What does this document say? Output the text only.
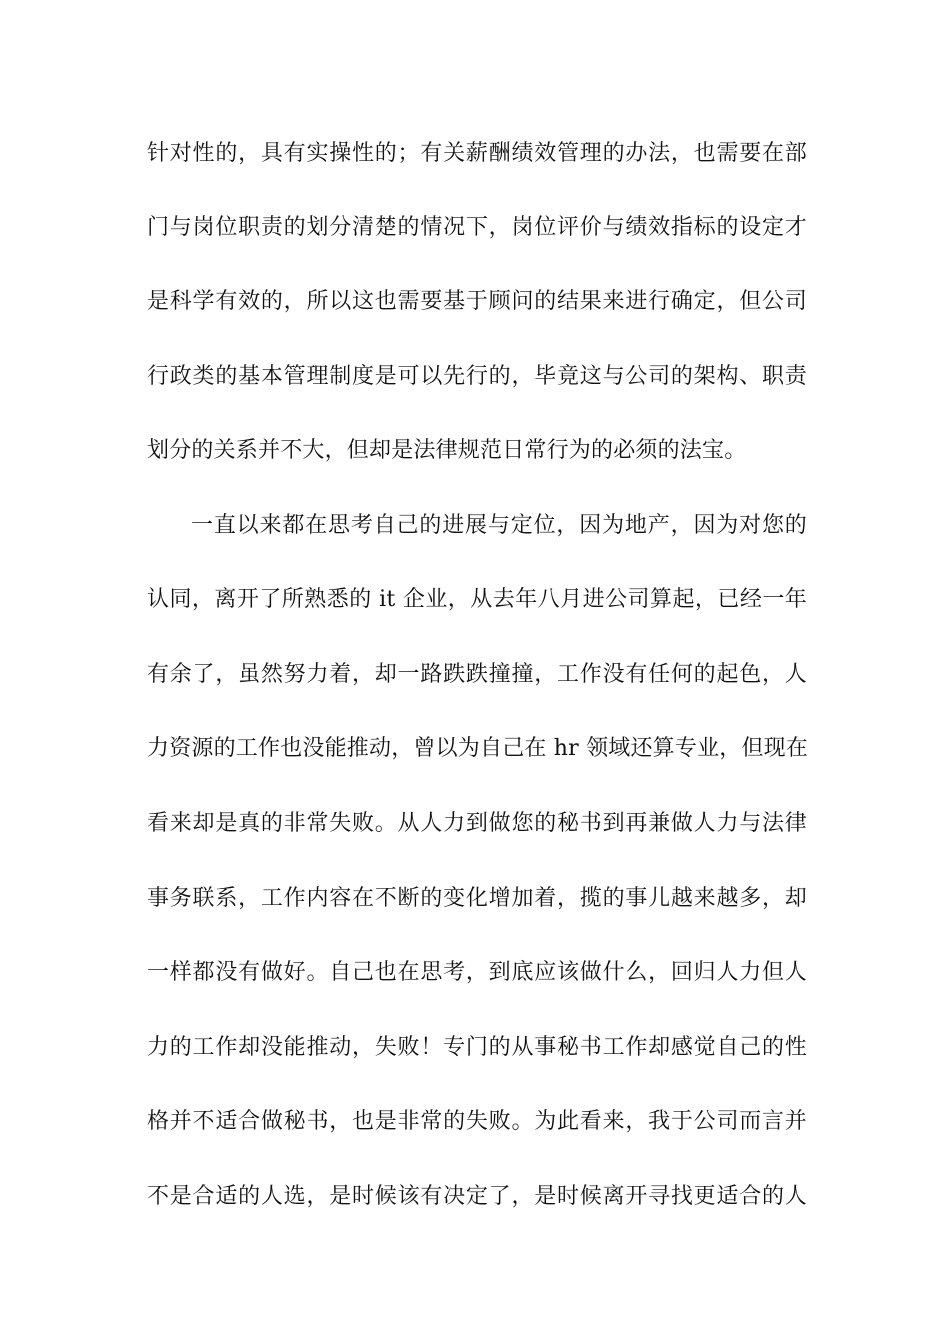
针对性的，具有实操性的；有关薪酬绩效管理的办法，也需要在部
门与岗位职责的划分清楚的情况下，岗位评价与绩效指标的设定才
是科学有效的，所以这也需要基于顾问的结果来进行确定，但公司
行政类的基本管理制度是可以先行的，毕竟这与公司的架构、职责
划分的关系并不大，但却是法律规范日常行为的必须的法宝。
一直以来都在思考自己的进展与定位，因为地产，因为对您的
认同，离开了所熟悉的 it 企业，从去年八月进公司算起，已经一年
有余了，虽然努力着，却一路跌跌撞撞，工作没有任何的起色，人
力资源的工作也没能推动，曾以为自己在 hr 领域还算专业，但现在
看来却是真的非常失败。从人力到做您的秘书到再兼做人力与法律
事务联系，工作内容在不断的变化增加着，揽的事儿越来越多，却
一样都没有做好。自己也在思考，到底应该做什么，回归人力但人
力的工作却没能推动，失败！专门的从事秘书工作却感觉自己的性
格并不适合做秘书，也是非常的失败。为此看来，我于公司而言并
不是合适的人选，是时候该有决定了，是时候离开寻找更适合的人
